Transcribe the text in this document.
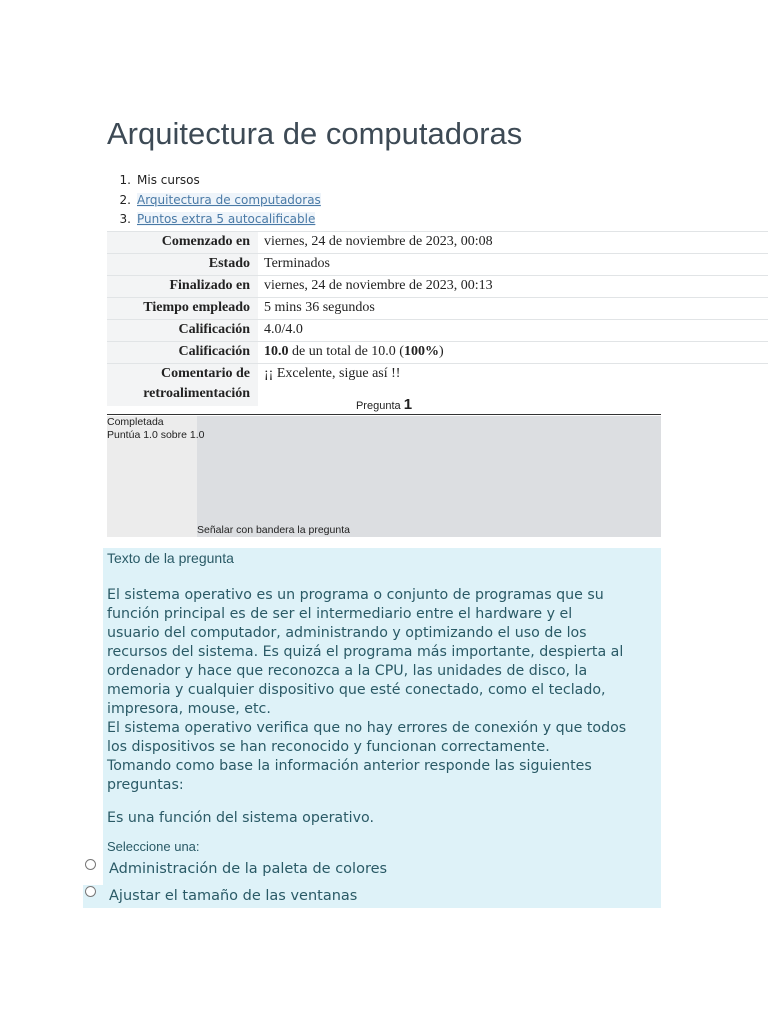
Arquitectura de computadoras
1. Mis cursos
2. Arquitectura de computadoras
3. Puntos extra 5 autocalificable
Comenzado en	viernes, 24 de noviembre de 2023, 00:08
Estado	Terminados
Finalizado en	viernes, 24 de noviembre de 2023, 00:13
Tiempo empleado	5 mins 36 segundos
Calificación	4.0/4.0
Calificación	10.0 de un total de 10.0 (100%)
Comentario de
retroalimentación	¡¡ Excelente, sigue así !!
Pregunta 1
Completada
Puntúa 1.0 sobre 1.0
Señalar con bandera la pregunta
Texto de la pregunta

El sistema operativo es un programa o conjunto de programas que su

función principal es de ser el intermediario entre el hardware y el

usuario del computador, administrando y optimizando el uso de los

recursos del sistema. Es quizá el programa más importante, despierta al

ordenador y hace que reconozca a la CPU, las unidades de disco, la

memoria y cualquier dispositivo que esté conectado, como el teclado,

impresora, mouse, etc.

El sistema operativo verifica que no hay errores de conexión y que todos

los dispositivos se han reconocido y funcionan correctamente.

Tomando como base la información anterior responde las siguientes

preguntas:

Es una función del sistema operativo.
Seleccione una:
Administración de la paleta de colores
Ajustar el tamaño de las ventanas
